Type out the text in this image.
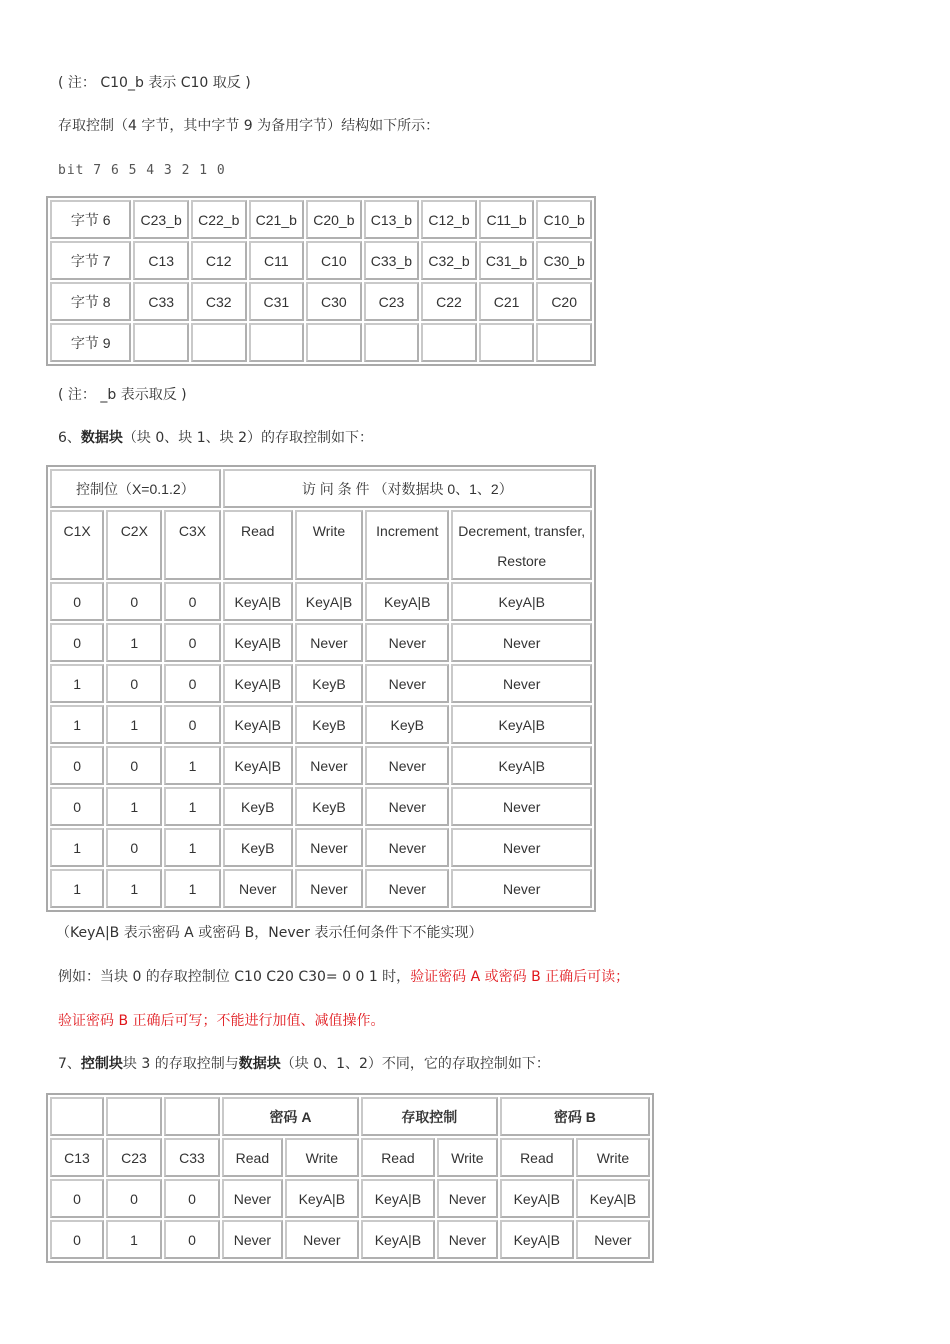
( 注： C10_b 表示 C10 取反 )
存取控制（4 字节，其中字节 9 为备用字节）结构如下所示：
bit 7 6 5 4 3 2 1 0
字节 6	C23_b	C22_b	C21_b	C20_b	C13_b	C12_b	C11_b	C10_b
字节 7	C13	C12	C11	C10	C33_b	C32_b	C31_b	C30_b
字节 8	C33	C32	C31	C30	C23	C22	C21	C20
字节 9								
( 注： _b 表示取反 )
6、数据块（块 0、块 1、块 2）的存取控制如下：
控制位（X=0.1.2）			访 问 条 件 （对数据块 0、1、2）			
C1X	C2X	C3X	Read	Write	Increment	Decrement, transfer, Restore
0	0	0	KeyA|B	KeyA|B	KeyA|B	KeyA|B
0	1	0	KeyA|B	Never	Never	Never
1	0	0	KeyA|B	KeyB	Never	Never
1	1	0	KeyA|B	KeyB	KeyB	KeyA|B
0	0	1	KeyA|B	Never	Never	KeyA|B
0	1	1	KeyB	KeyB	Never	Never
1	0	1	KeyB	Never	Never	Never
1	1	1	Never	Never	Never	Never
（KeyA|B 表示密码 A 或密码 B，Never 表示任何条件下不能实现）
例如：当块 0 的存取控制位 C10 C20 C30= 0 0 1 时，验证密码 A 或密码 B 正确后可读；
验证密码 B 正确后可写；不能进行加值、减值操作。
7、控制块块 3 的存取控制与数据块（块 0、1、2）不同，它的存取控制如下：
			密码 A		存取控制		密码 B	
C13	C23	C33	Read	Write	Read	Write	Read	Write
0	0	0	Never	KeyA|B	KeyA|B	Never	KeyA|B	KeyA|B
0	1	0	Never	Never	KeyA|B	Never	KeyA|B	Never
